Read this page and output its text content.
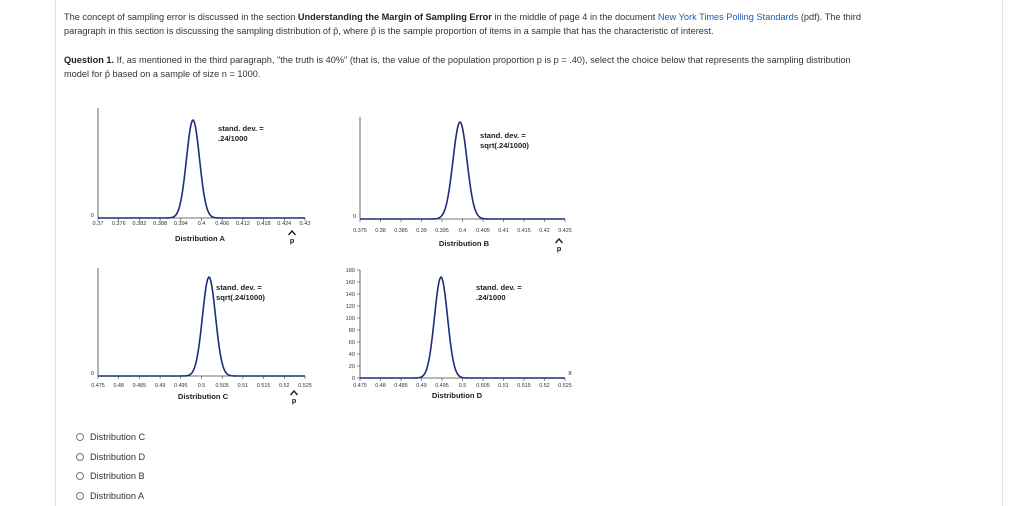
The concept of sampling error is discussed in the section Understanding the Margin of Sampling Error in the middle of page 4 in the document New York Times Polling Standards (pdf). The third
paragraph in this section is discussing the sampling distribution of p̂, where p̂ is the sample proportion of items in a sample that has the characteristic of interest.
Question 1. If, as mentioned in the third paragraph, "the truth is 40%" (that is, the value of the population proportion p is p = .40), select the choice below that represents the sampling distribution
model for p̂ based on a sample of size n = 1000.
0
0.37 0.376 0.382 0.388 0.394 0.4 0.406 0.412 0.418 0.424 0.43
stand. dev. =
.24/1000
Distribution A	p
0
0.375 0.38 0.385 0.39 0.395 0.4 0.405 0.41 0.415 0.42 0.425
stand. dev. =
sqrt(.24/1000)
Distribution B
p
0
0.475 0.48 0.485 0.49 0.495 0.5 0.505 0.51 0.515 0.52 0.525
stand. dev. =
sqrt(.24/1000)
Distribution C	p
0
20
40
60
80
100
120
140
160
180
0.475 0.48 0.485 0.49 0.495 0.5 0.505 0.51 0.515 0.52 0.525
stand. dev. =
.24/1000
Distribution D
x
Distribution C
Distribution D
Distribution B
Distribution A
